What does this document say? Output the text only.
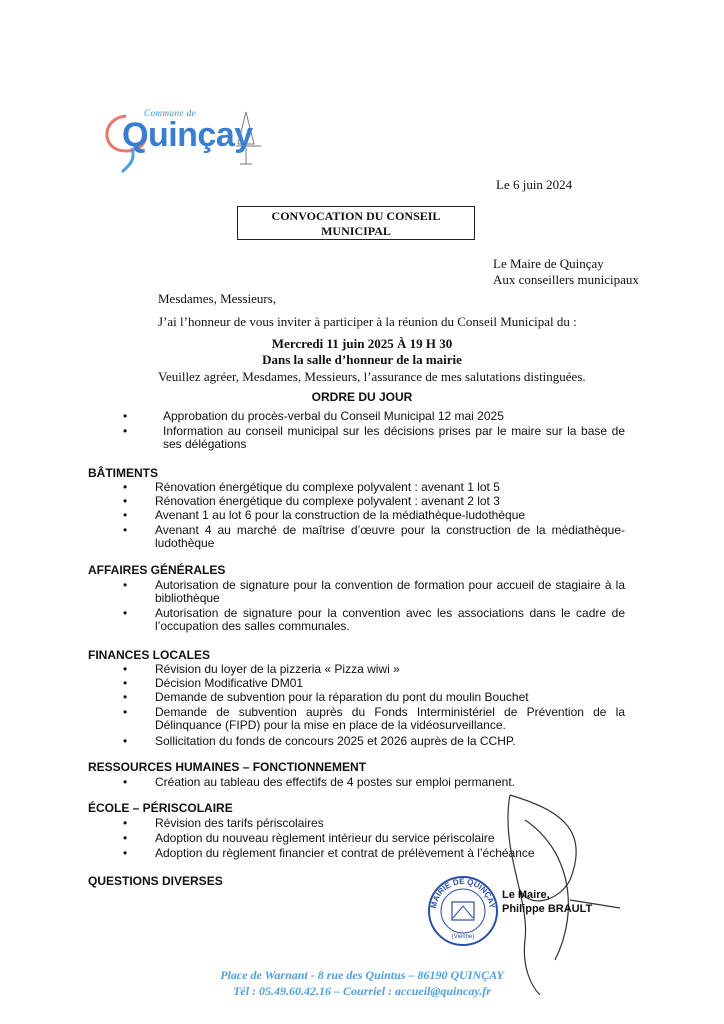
Commune de
Quinçay
Le 6 juin 2024
CONVOCATION DU CONSEIL
MUNICIPAL
Le Maire de Quinçay
Aux conseillers municipaux
Mesdames, Messieurs,
J’ai l’honneur de vous inviter à participer à la réunion du Conseil Municipal du :
Mercredi 11 juin 2025 À 19 H 30
Dans la salle d’honneur de la mairie
Veuillez agréer, Mesdames, Messieurs, l’assurance de mes salutations distinguées.
ORDRE DU JOUR
•	Approbation du procès-verbal du Conseil Municipal 12 mai 2025
•	Information au conseil municipal sur les décisions prises par le maire sur la base de ses délégations
BÂTIMENTS
• Rénovation énergétique du complexe polyvalent : avenant 1 lot 5
• Rénovation énergétique du complexe polyvalent : avenant 2 lot 3
• Avenant 1 au lot 6 pour la construction de la médiathèque-ludothèque
• Avenant 4 au marché de maîtrise d’œuvre pour la construction de la médiathèque-ludothèque
AFFAIRES GÉNÉRALES
• Autorisation de signature pour la convention de formation pour accueil de stagiaire à la bibliothèque
• Autorisation de signature pour la convention avec les associations dans le cadre de l’occupation des salles communales.
FINANCES LOCALES
• Révision du loyer de la pizzeria « Pizza wiwi »
• Décision Modificative DM01
• Demande de subvention pour la réparation du pont du moulin Bouchet
• Demande de subvention auprès du Fonds Interministériel de Prévention de la Délinquance (FIPD) pour la mise en place de la vidéosurveillance.
• Sollicitation du fonds de concours 2025 et 2026 auprès de la CCHP.
RESSOURCES HUMAINES – FONCTIONNEMENT
• Création au tableau des effectifs de 4 postes sur emploi permanent.
ÉCOLE – PÉRISCOLAIRE
• Révision des tarifs périscolaires
• Adoption du nouveau règlement intérieur du service périscolaire
• Adoption du règlement financier et contrat de prélèvement à l’échéance
QUESTIONS DIVERSES
MAIRIE DE QUINÇAY
(Vienne)
Le Maire,
Philippe BRAULT
Place de Warnant - 8 rue des Quintus – 86190 QUINÇAY
Tél : 05.49.60.42.16 – Courriel : accueil@quincay.fr
